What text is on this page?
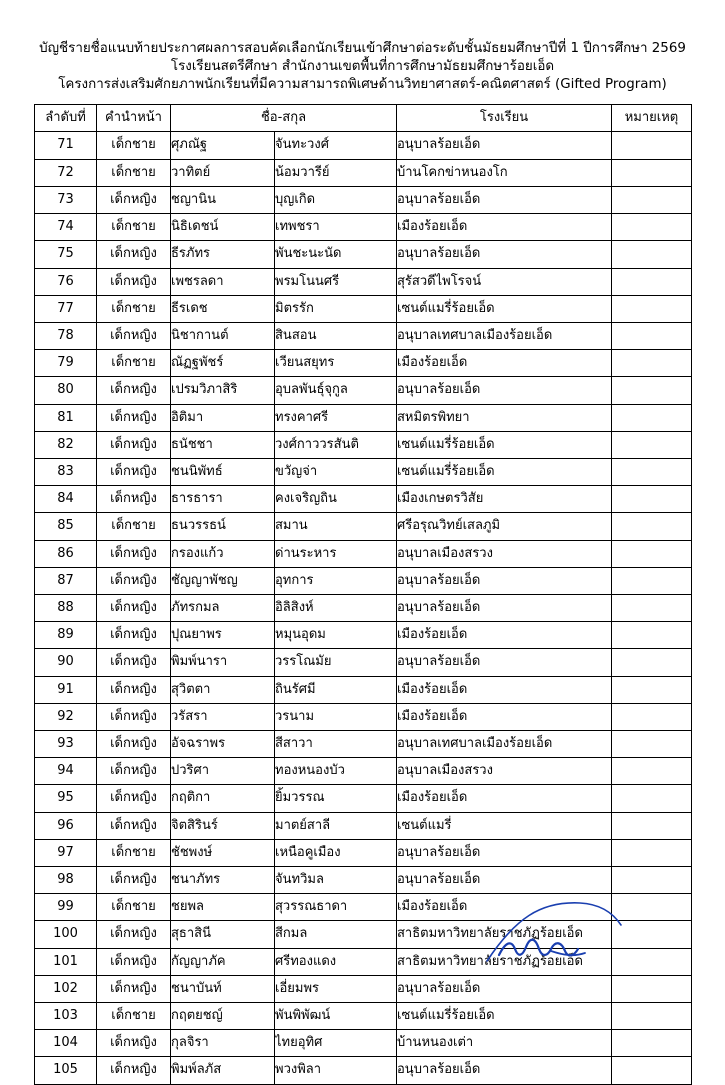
บัญชีรายชื่อแนบท้ายประกาศผลการสอบคัดเลือกนักเรียนเข้าศึกษาต่อระดับชั้นมัธยมศึกษาปีที่ 1 ปีการศึกษา 2569
โรงเรียนสตรีศึกษา สำนักงานเขตพื้นที่การศึกษามัธยมศึกษาร้อยเอ็ด
โครงการส่งเสริมศักยภาพนักเรียนที่มีความสามารถพิเศษด้านวิทยาศาสตร์-คณิตศาสตร์ (Gifted Program)
ลำดับที่	คำนำหน้า	ชื่อ-สกุล		โรงเรียน	หมายเหตุ
71	เด็กชาย	ศุภณัฐ	จันทะวงศ์	อนุบาลร้อยเอ็ด	
72	เด็กชาย	วาทิตย์	น้อมวารีย์	บ้านโคกข่าหนองโก	
73	เด็กหญิง	ชญานิน	บุญเกิด	อนุบาลร้อยเอ็ด	
74	เด็กชาย	นิธิเดชน์	เทพชรา	เมืองร้อยเอ็ด	
75	เด็กหญิง	ธีรภัทร	พันชะนะนัด	อนุบาลร้อยเอ็ด	
76	เด็กหญิง	เพชรลดา	พรมโนนศรี	สุรัสวดีไพโรจน์	
77	เด็กชาย	ธีรเดช	มิตรรัก	เซนต์แมรี่ร้อยเอ็ด	
78	เด็กหญิง	นิชากานต์	สินสอน	อนุบาลเทศบาลเมืองร้อยเอ็ด	
79	เด็กชาย	ณัฏฐพัชร์	เวียนสยุทร	เมืองร้อยเอ็ด	
80	เด็กหญิง	เปรมวิภาสิริ	อุบลพันธุ์จุกูล	อนุบาลร้อยเอ็ด	
81	เด็กหญิง	อิติมา	ทรงคาศรี	สหมิตรพิทยา	
82	เด็กหญิง	ธนัชชา	วงศ์กาววรสันติ	เซนต์แมรี่ร้อยเอ็ด	
83	เด็กหญิง	ชนนิพัทธ์	ขวัญจ่า	เซนต์แมรี่ร้อยเอ็ด	
84	เด็กหญิง	ธารธารา	คงเจริญถิน	เมืองเกษตรวิสัย	
85	เด็กชาย	ธนวรรธน์	สมาน	ศรีอรุณวิทย์เสลภูมิ	
86	เด็กหญิง	กรองแก้ว	ด่านระหาร	อนุบาลเมืองสรวง	
87	เด็กหญิง	ชัญญาพัชญ	อุทการ	อนุบาลร้อยเอ็ด	
88	เด็กหญิง	ภัทรกมล	อิลิสิงห์	อนุบาลร้อยเอ็ด	
89	เด็กหญิง	ปุณยาพร	หมุนอุดม	เมืองร้อยเอ็ด	
90	เด็กหญิง	พิมพ์นารา	วรรโณมัย	อนุบาลร้อยเอ็ด	
91	เด็กหญิง	สุวิตตา	ถินรัศมี	เมืองร้อยเอ็ด	
92	เด็กหญิง	วรัสรา	วรนาม	เมืองร้อยเอ็ด	
93	เด็กหญิง	อัจฉราพร	สีสาวา	อนุบาลเทศบาลเมืองร้อยเอ็ด	
94	เด็กหญิง	ปวริศา	ทองหนองบัว	อนุบาลเมืองสรวง	
95	เด็กหญิง	กฤติกา	ยิ้มวรรณ	เมืองร้อยเอ็ด	
96	เด็กหญิง	จิตสิรินร์	มาตย์สาลี	เซนต์แมรี่	
97	เด็กชาย	ชัชพงษ์	เหนือคูเมือง	อนุบาลร้อยเอ็ด	
98	เด็กหญิง	ชนาภัทร	จันทวิมล	อนุบาลร้อยเอ็ด	
99	เด็กชาย	ชยพล	สุวรรณธาดา	เมืองร้อยเอ็ด	
100	เด็กหญิง	สุธาสินี	สีกมล	สาธิตมหาวิทยาลัยราชภัฏร้อยเอ็ด	
101	เด็กหญิง	กัญญาภัค	ศรีทองแดง	สาธิตมหาวิทยาลัยราชภัฏร้อยเอ็ด	
102	เด็กหญิง	ชนาบันท์	เอี่ยมพร	อนุบาลร้อยเอ็ด	
103	เด็กชาย	กฤตยชญ์	พันพิพัฒน์	เซนต์แมรี่ร้อยเอ็ด	
104	เด็กหญิง	กุลจิรา	ไทยอุทิศ	บ้านหนองเต่า	
105	เด็กหญิง	พิมพ์ลภัส	พวงพิลา	อนุบาลร้อยเอ็ด	
